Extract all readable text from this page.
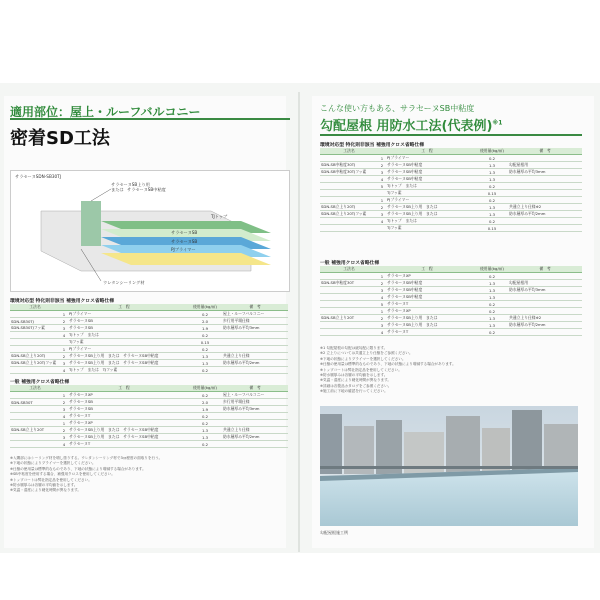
適用部位：屋上・ルーフバルコニー
密着SD工法
サラセーヌSDN-SB30TJ
サラセーヌSB上り用
または サラセーヌSB中粘度
TJトップ
サラセーヌSB
サラセーヌSB
PJプライマー
ウレタンシーリング材
環境対応型 特化則非該当 補強用クロス省略仕様
工法名	工　程		使用量(kg/㎡)	備　考
	1	PJプライマー	0.2	屋上・ルーフバルコニー
SDN-SB30TJ	2	サラセーヌSB	2.0	歩行用平場仕様
SDN-SB30TJフッ素	3	サラセーヌSB	1.9	防水層厚み平均3mm
	4	TJトップ　または	0.2	
		TJフッ素	0.15	
	1	PJプライマー	0.2	
SDN-SB立上り20TJ	2	サラセーヌSB上り用　または　サラセーヌSB中粘度	1.3	共通立上り仕様
SDN-SB立上り20TJフッ素	3	サラセーヌSB上り用　または　サラセーヌSB中粘度	1.3	防水層厚み平均2mm
	4	TJトップ　または　TJフッ素	0.2	
一般 補強用クロス省略仕様
工法名	工　程		使用量(kg/㎡)	備　考
	1	サラセーヌXP	0.2	屋上・ルーフバルコニー
SDN-SB30T	2	サラセーヌSB	2.0	歩行用平場仕様
	3	サラセーヌSB	1.9	防水層厚み平均3mm
	4	サラセーヌT	0.2	
	1	サラセーヌXP	0.2	
SDN-SB立上り20T	2	サラセーヌSB上り用　または　サラセーヌSB中粘度	1.3	共通立上り仕様
	3	サラセーヌSB上り用　または　サラセーヌSB中粘度	1.3	防水層厚み平均2mm
	4	サラセーヌT	0.2	
※入隅部にはシーリング材を増し塗りする。ウレタンシーリング材で3㎝程度の面取りを行う。
※下地の状態によりプライマーを選択してください。
※仕様の使用量は標準的なものであり、下地の状態により増減する場合があります。
※SB中粘度を使用する場合、補強用クロスを使用してください。
※トップコートは弊社指定品を使用してください。
※防水層厚みは各層の平均値を示します。
※気温・湿度により硬化時間が異なります。
こんな使い方もある、サラセーヌSB中粘度
勾配屋根 用防水工法(代表例)$^{※1}$
環境対応型 特化則非該当 補強用クロス省略仕様
工法名	工　程		使用量(kg/㎡)	備　考
	1	PJプライマー	0.2	
SDN-SB中粘度30TJ	2	サラセーヌSB中粘度	1.3	勾配屋根用
SDN-SB中粘度30TJフッ素	3	サラセーヌSB中粘度	1.3	防水層厚み平均3mm
	4	サラセーヌSB中粘度	1.3	
	5	TJトップ　または	0.2	
		TJフッ素	0.15	
	1	PJプライマー	0.2	
SDN-SB立上り20TJ	2	サラセーヌSB上り用　または	1.3	共通立上り仕様※2
SDN-SB立上り20TJフッ素	3	サラセーヌSB上り用　または	1.3	防水層厚み平均2mm
	4	TJトップ　または	0.2	
		TJフッ素	0.15	
一般 補強用クロス省略仕様
工法名	工　程		使用量(kg/㎡)	備　考
	1	サラセーヌXP	0.2	
SDN-SB中粘度30T	2	サラセーヌSB中粘度	1.3	勾配屋根用
	3	サラセーヌSB中粘度	1.3	防水層厚み平均3mm
	4	サラセーヌSB中粘度	1.3	
	5	サラセーヌT	0.2	
	1	サラセーヌXP	0.2	
SDN-SB立上り20T	2	サラセーヌSB上り用　または	1.3	共通立上り仕様※2
	3	サラセーヌSB上り用　または	1.3	防水層厚み平均2mm
	4	サラセーヌT	0.2	
※1 勾配屋根の勾配は緩勾配に限ります。
※2 立上りについては共通立上り仕様をご参照ください。
※下地の状態によりプライマーを選択してください。
※仕様の使用量は標準的なものであり、下地の状態により増減する場合があります。
※トップコートは弊社指定品を使用してください。
※防水層厚みは各層の平均値を示します。
※気温・湿度により硬化時間が異なります。
※詳細は各製品カタログをご参照ください。
※施工前に下地の確認を行ってください。
勾配屋根施工例
